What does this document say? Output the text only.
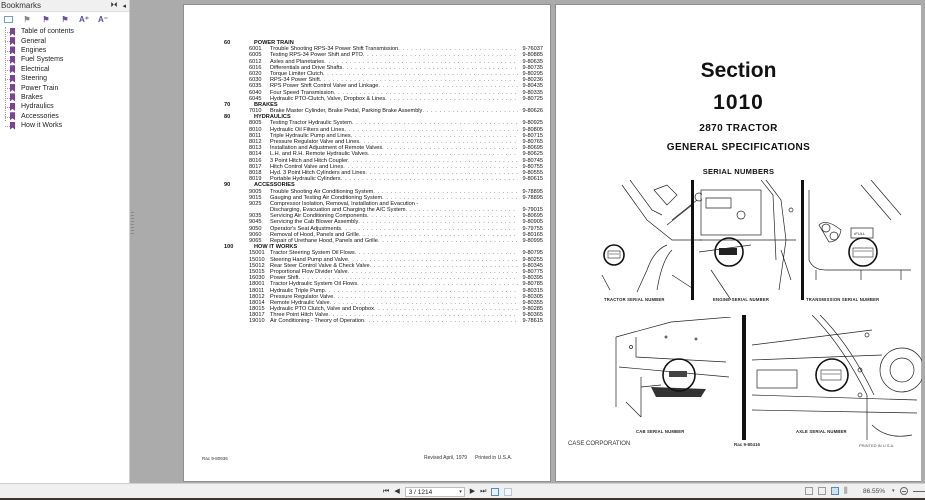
Bookmarks	⏵⏴ ◂
⚑ ⚑ ⚑ A⁺ A⁻
Table of contents
General
Engines
Fuel Systems
Electrical
Steering
Power Train
Brakes
Hydraulics
Accessories
How it Works
60	POWER TRAIN
6001 Trouble Shooting RPS-34 Power Shift Transmission . . .	9-76037
6005 Testing RPS-34 Power Shift and PTO . . .	9-80885
6012 Axles and Planetaries . . .	9-80635
6016 Differentials and Drive Shafts . . .	9-80735
6020 Torque Limiter Clutch . . .	9-80295
6030 RPS-34 Power Shift . . .	9-80236
6035 RPS Power Shift Control Valve and Linkage . . .	9-80435
6040 Four Speed Transmission . . .	9-80335
6045 Hydraulic PTO-Clutch, Valve, Dropbox & Lines . . .	9-80725
70	BRAKES
7010 Brake Master Cylinder, Brake Pedal, Parking Brake Assembly . . .	9-80626
80	HYDRAULICS
8005 Testing Tractor Hydraulic System . . .	9-80925
8010 Hydraulic Oil Filters and Lines . . .	9-80805
8011 Triple Hydraulic Pump and Lines . . .	9-80715
8012 Pressure Regulator Valve and Lines . . .	9-80765
8013 Installation and Adjustment of Remote Valves . . .	9-80695
8014 L.H. and R.H. Remote Hydraulic Valves . . .	9-80625
8016 3 Point Hitch and Hitch Coupler . . .	9-80745
8017 Hitch Control Valve and Lines . . .	9-80755
8018 Hyd. 3 Point Hitch Cylinders and Lines . . .	9-80555
8019 Portable Hydraulic Cylinders . . .	9-80615
90	ACCESSORIES
9005 Trouble Shooting Air Conditioning System . . .	9-78895
9015 Gauging and Testing Air Conditioning System . . .	9-78895
9025 Compressor Isolation, Removal, Installation and Evacution -
Discharging, Evacuation and Charging the A/C System . . .	9-79015
9035 Servicing Air Conditioning Components . . .	9-80695
9045 Servicing the Cab Blower Assembly . . .	9-80905
9050 Operator's Seat Adjustments . . .	9-79755
9060 Removal of Hood, Panels and Grille . . .	9-80165
9065 Repair of Urethane Hood, Panels and Grille . . .	9-80995
100	HOW IT WORKS
15001 Tractor Steering System Oil Flows . . .	9-80795
15010 Steering Hand Pump and Valve . . .	9-80255
15012 Rear Steer Control Valve & Check Valve . . .	9-80345
15015 Proportional Flow Divider Valve . . .	9-80775
16030 Power Shift . . .	9-80395
18001 Tractor Hydraulic System Oil Flows . . .	9-80785
18011 Hydraulic Triple Pump . . .	9-80315
18012 Pressure Regulator Valve . . .	9-80305
18014 Remote Hydraulic Valve . . .	9-80355
18015 Hydraulic PTO Clutch, Valve and Dropbox . . .	9-80285
18017 Three Point Hitch Valve . . .	9-80365
19010 Air Conditioning - Theory of Operation . . .	9-78615
Rac 9-80936	Revised April, 1979 Printed in U.S.A.
Section
1010
2870 TRACTOR
GENERAL SPECIFICATIONS
SERIAL NUMBERS
TRACTOR SERIAL NUMBER	ENGINE SERIAL NUMBER
•FULL
TRANSMISSION SERIAL NUMBER
CAB SERIAL NUMBER	AXLE SERIAL NUMBER
CASE CORPORATION	Rac 9-80416	PRINTED IN U.S.A.
⏮ ◀ 3 / 1214	▾ ▶ ⏭	⫼	86.55% ▾
